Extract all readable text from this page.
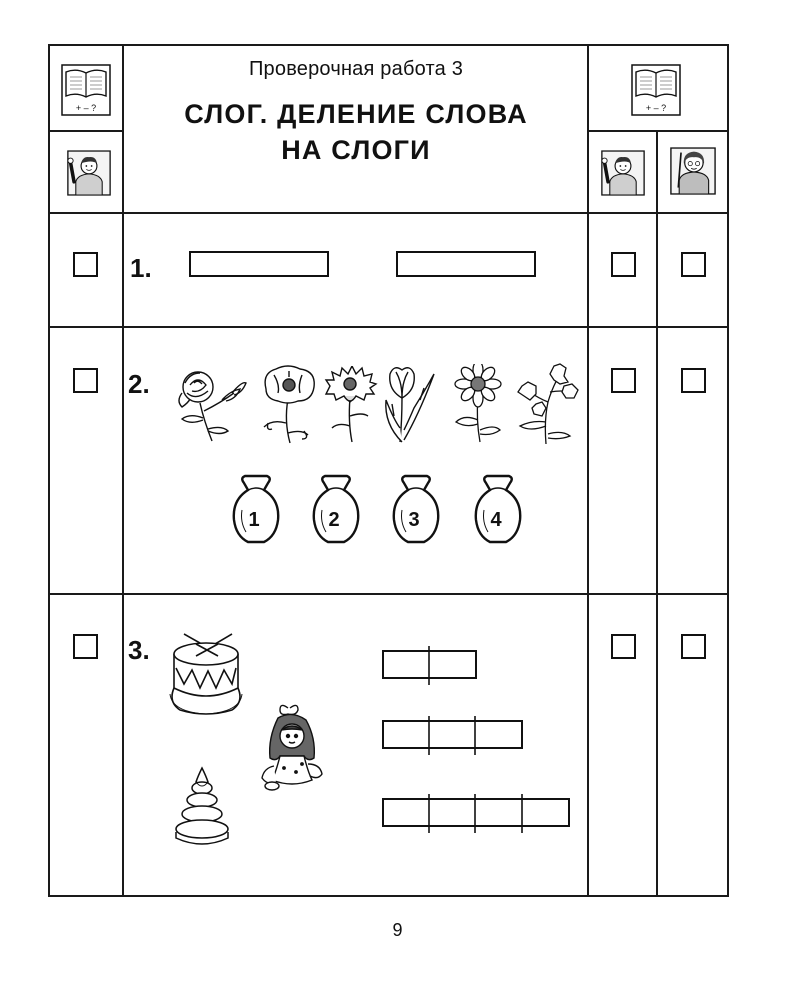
+ – ?	+ – ?
Проверочная работа 3
СЛОГ. ДЕЛЕНИЕ СЛОВА
НА СЛОГИ
1.
2.
1	2	3	4
3.
9
